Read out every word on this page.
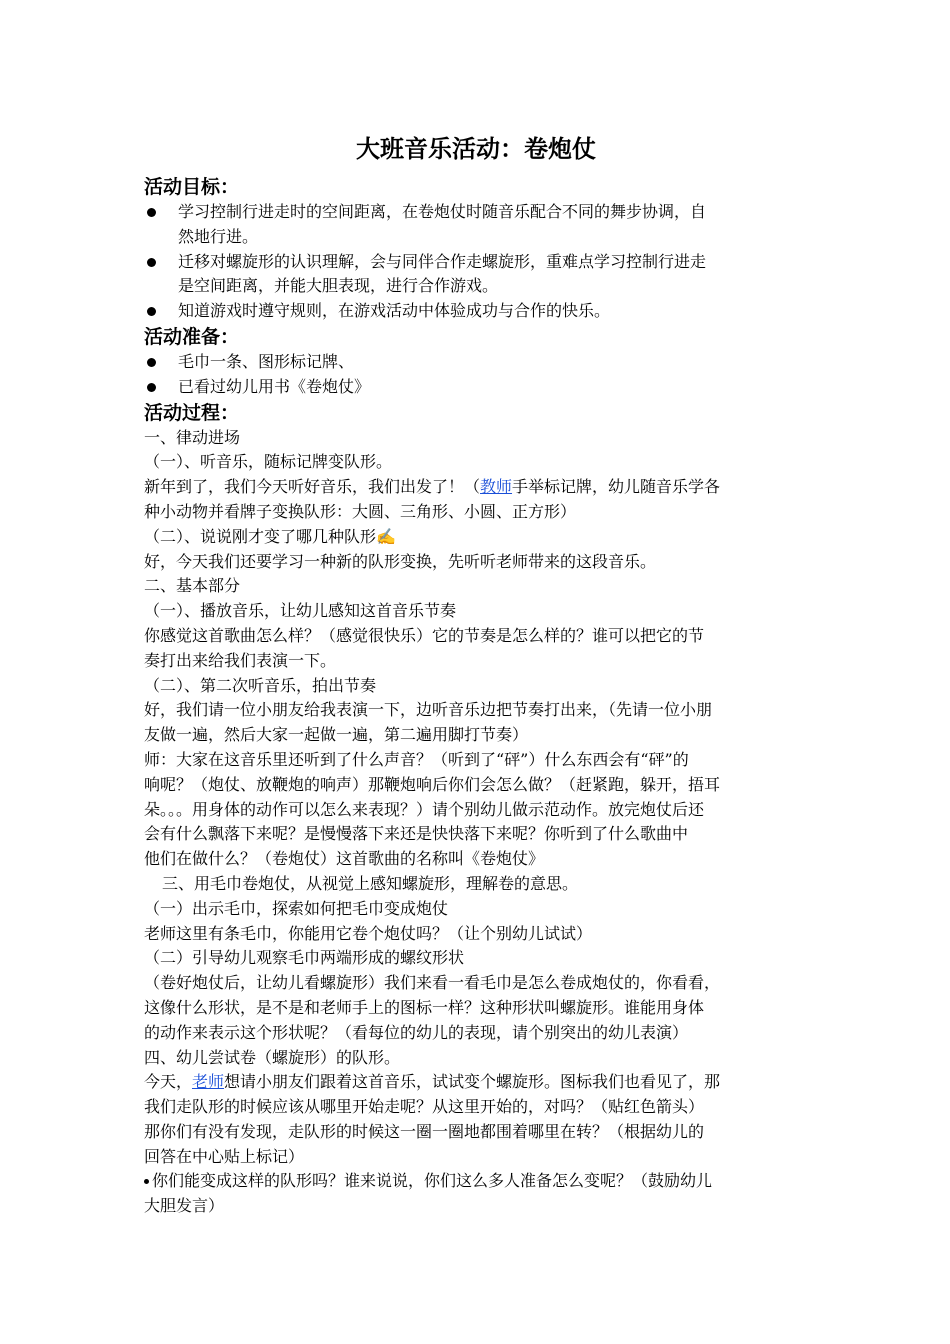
大班音乐活动：卷炮仗
活动目标：
学习控制行进走时的空间距离，在卷炮仗时随音乐配合不同的舞步协调，自
然地行进。
迁移对螺旋形的认识理解，会与同伴合作走螺旋形，重难点学习控制行进走
是空间距离，并能大胆表现，进行合作游戏。
知道游戏时遵守规则，在游戏活动中体验成功与合作的快乐。
活动准备：
毛巾一条、图形标记牌、
已看过幼儿用书《卷炮仗》
活动过程：
一、律动进场
（一）、听音乐，随标记牌变队形。
新年到了，我们今天听好音乐，我们出发了！（教师手举标记牌，幼儿随音乐学各
种小动物并看牌子变换队形：大圆、三角形、小圆、正方形）
（二）、说说刚才变了哪几种队形✍
好，今天我们还要学习一种新的队形变换，先听听老师带来的这段音乐。
二、基本部分
（一）、播放音乐，让幼儿感知这首音乐节奏
你感觉这首歌曲怎么样？（感觉很快乐）它的节奏是怎么样的？谁可以把它的节
奏打出来给我们表演一下。
（二）、第二次听音乐，拍出节奏
好，我们请一位小朋友给我表演一下，边听音乐边把节奏打出来，（先请一位小朋
友做一遍，然后大家一起做一遍，第二遍用脚打节奏）
师：大家在这音乐里还听到了什么声音？（听到了“砰”）什么东西会有“砰”的
响呢？（炮仗、放鞭炮的响声）那鞭炮响后你们会怎么做？（赶紧跑，躲开，捂耳
朵。。。用身体的动作可以怎么来表现？）请个别幼儿做示范动作。放完炮仗后还
会有什么飘落下来呢？是慢慢落下来还是快快落下来呢？你听到了什么歌曲中
他们在做什么？（卷炮仗）这首歌曲的名称叫《卷炮仗》
三、用毛巾卷炮仗，从视觉上感知螺旋形，理解卷的意思。
（一）出示毛巾，探索如何把毛巾变成炮仗
老师这里有条毛巾，你能用它卷个炮仗吗？（让个别幼儿试试）
（二）引导幼儿观察毛巾两端形成的螺纹形状
（卷好炮仗后，让幼儿看螺旋形）我们来看一看毛巾是怎么卷成炮仗的，你看看，
这像什么形状，是不是和老师手上的图标一样？这种形状叫螺旋形。谁能用身体
的动作来表示这个形状呢？（看每位的幼儿的表现，请个别突出的幼儿表演）
四、幼儿尝试卷（螺旋形）的队形。
今天，老师想请小朋友们跟着这首音乐，试试变个螺旋形。图标我们也看见了，那
我们走队形的时候应该从哪里开始走呢？从这里开始的，对吗？（贴红色箭头）
那你们有没有发现，走队形的时候这一圈一圈地都围着哪里在转？（根据幼儿的
回答在中心贴上标记）
你们能变成这样的队形吗？谁来说说，你们这么多人准备怎么变呢？（鼓励幼儿
大胆发言）
